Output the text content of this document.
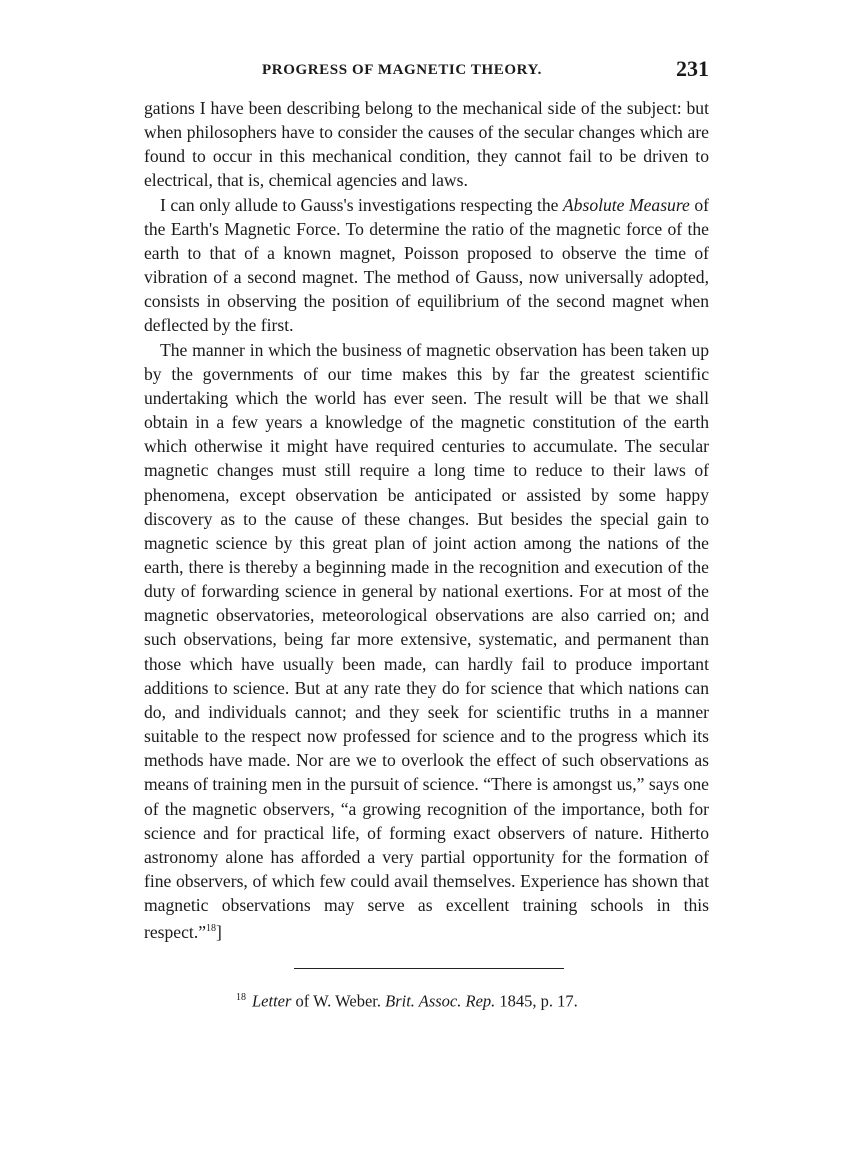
PROGRESS OF MAGNETIC THEORY.	231

gations I have been describing belong to the mechanical side of the subject: but when philosophers have to consider the causes of the secular changes which are found to occur in this mechanical condition, they cannot fail to be driven to electrical, that is, chemical agencies and laws.

I can only allude to Gauss's investigations respecting the Absolute Measure of the Earth's Magnetic Force. To determine the ratio of the magnetic force of the earth to that of a known magnet, Poisson proposed to observe the time of vibration of a second magnet. The method of Gauss, now universally adopted, consists in observing the position of equilibrium of the second magnet when deflected by the first.

The manner in which the business of magnetic observation has been taken up by the governments of our time makes this by far the greatest scientific undertaking which the world has ever seen. The result will be that we shall obtain in a few years a knowledge of the magnetic constitution of the earth which otherwise it might have required centuries to accumulate. The secular magnetic changes must still require a long time to reduce to their laws of phenomena, except observation be anticipated or assisted by some happy discovery as to the cause of these changes. But besides the special gain to magnetic science by this great plan of joint action among the nations of the earth, there is thereby a beginning made in the recognition and execution of the duty of forwarding science in general by national exertions. For at most of the magnetic observatories, meteorological observations are also carried on; and such observations, being far more extensive, systematic, and permanent than those which have usually been made, can hardly fail to produce important additions to science. But at any rate they do for science that which nations can do, and individuals cannot; and they seek for scientific truths in a manner suitable to the respect now professed for science and to the progress which its methods have made. Nor are we to overlook the effect of such observations as means of training men in the pursuit of science. “There is amongst us,” says one of the magnetic observers, “a growing recognition of the importance, both for science and for practical life, of forming exact observers of nature. Hitherto astronomy alone has afforded a very partial opportunity for the formation of fine observers, of which few could avail themselves. Experience has shown that magnetic observations may serve as excellent training schools in this respect.”$^{18}$]

$^{18}$ Letter of W. Weber. Brit. Assoc. Rep. 1845, p. 17.
